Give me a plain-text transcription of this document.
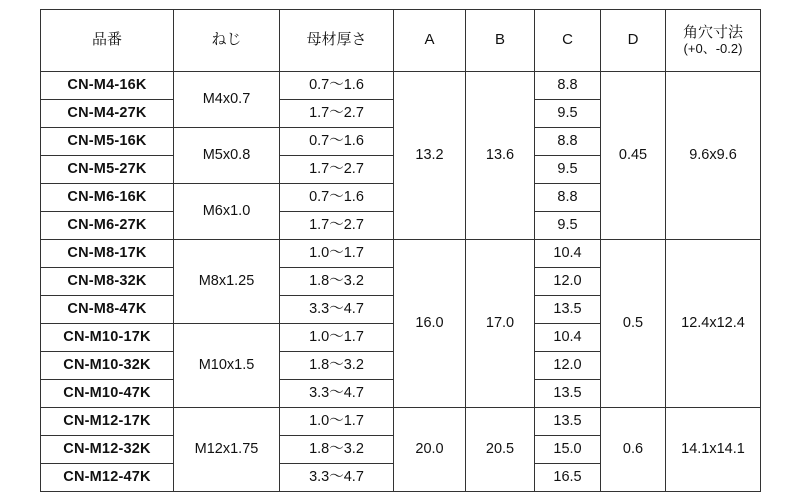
品番	ねじ	母材厚さ	A	B	C	D	角穴寸法
(+0、-0.2)

CN-M4-16K	M4x0.7	0.7～1.6	13.2	13.6	8.8	0.45	9.6x9.6
CN-M4-27K		1.7～2.7			9.5		
CN-M5-16K	M5x0.8	0.7～1.6			8.8		
CN-M5-27K		1.7～2.7			9.5		
CN-M6-16K	M6x1.0	0.7～1.6			8.8		
CN-M6-27K		1.7～2.7			9.5		
CN-M8-17K	M8x1.25	1.0～1.7	16.0	17.0	10.4	0.5	12.4x12.4
CN-M8-32K		1.8～3.2			12.0		
CN-M8-47K		3.3～4.7			13.5		
CN-M10-17K	M10x1.5	1.0～1.7			10.4		
CN-M10-32K		1.8～3.2			12.0		
CN-M10-47K		3.3～4.7			13.5		
CN-M12-17K	M12x1.75	1.0～1.7	20.0	20.5	13.5	0.6	14.1x14.1
CN-M12-32K		1.8～3.2			15.0		
CN-M12-47K		3.3～4.7			16.5		
